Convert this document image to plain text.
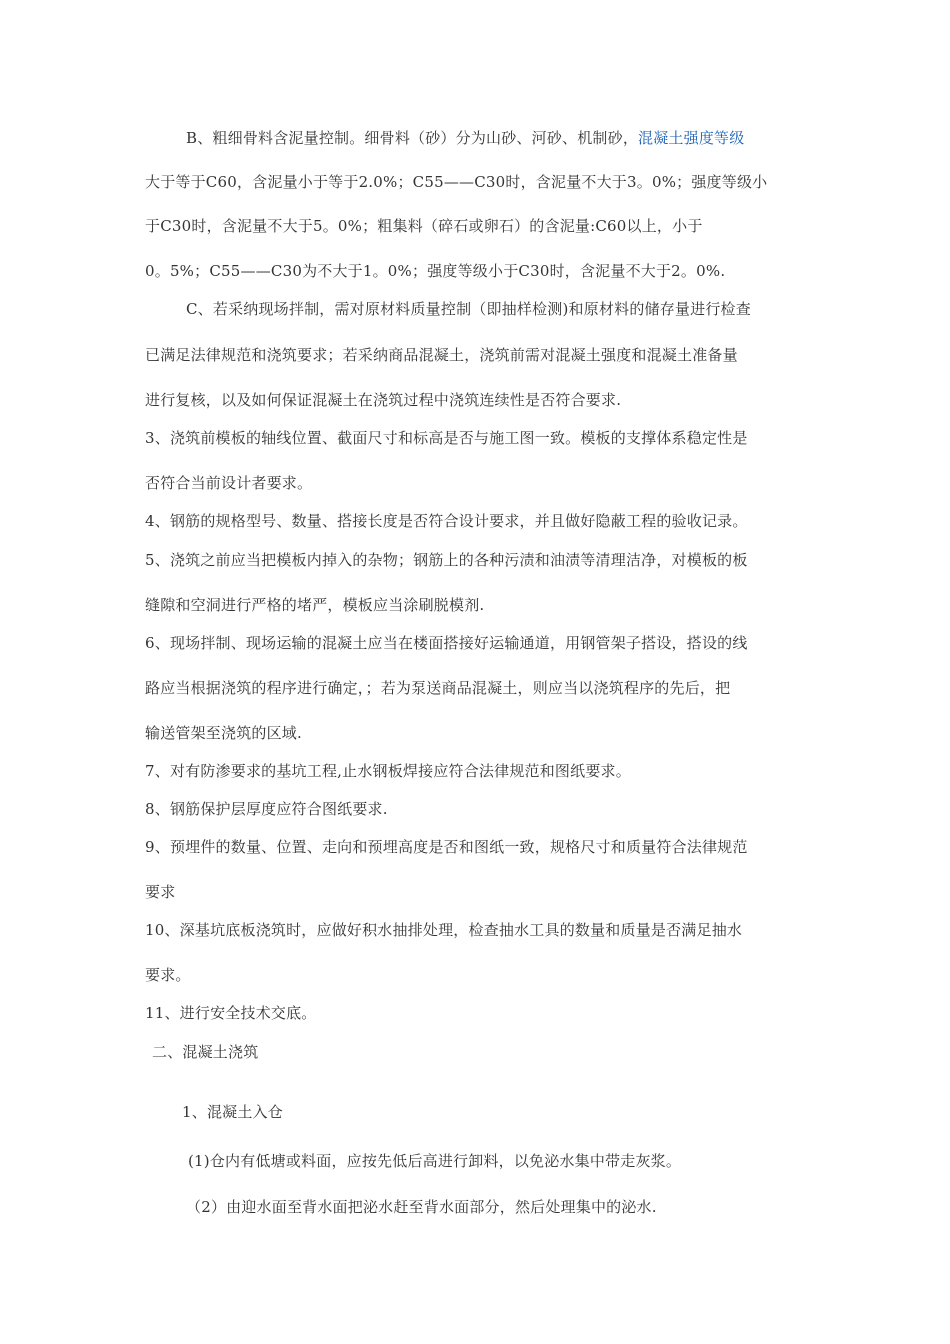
B、粗细骨料含泥量控制。细骨料（砂）分为山砂、河砂、机制砂，混凝土强度等级
大于等于C60，含泥量小于等于2.0%；C55——C30时，含泥量不大于3。0%；强度等级小
于C30时，含泥量不大于5。0%；粗集料（碎石或卵石）的含泥量:C60以上，小于
0。5%；C55——C30为不大于1。0%；强度等级小于C30时，含泥量不大于2。0%.
C、若采纳现场拌制，需对原材料质量控制（即抽样检测)和原材料的储存量进行检查
已满足法律规范和浇筑要求；若采纳商品混凝土，浇筑前需对混凝土强度和混凝土准备量
进行复核，以及如何保证混凝土在浇筑过程中浇筑连续性是否符合要求.
3、浇筑前模板的轴线位置、截面尺寸和标高是否与施工图一致。模板的支撑体系稳定性是
否符合当前设计者要求。
4、钢筋的规格型号、数量、搭接长度是否符合设计要求，并且做好隐蔽工程的验收记录。
5、浇筑之前应当把模板内掉入的杂物；钢筋上的各种污渍和油渍等清理洁净，对模板的板
缝隙和空洞进行严格的堵严，模板应当涂刷脱模剂.
6、现场拌制、现场运输的混凝土应当在楼面搭接好运输通道，用钢管架子搭设，搭设的线
路应当根据浇筑的程序进行确定，；若为泵送商品混凝土，则应当以浇筑程序的先后，把
输送管架至浇筑的区域.
7、对有防渗要求的基坑工程,止水钢板焊接应符合法律规范和图纸要求。
8、钢筋保护层厚度应符合图纸要求.
9、预埋件的数量、位置、走向和预埋高度是否和图纸一致，规格尺寸和质量符合法律规范
要求
10、深基坑底板浇筑时，应做好积水抽排处理，检查抽水工具的数量和质量是否满足抽水
要求。
11、进行安全技术交底。
二、混凝土浇筑
1、混凝土入仓
(1)仓内有低塘或料面，应按先低后高进行卸料，以免泌水集中带走灰浆。
（2）由迎水面至背水面把泌水赶至背水面部分，然后处理集中的泌水.
